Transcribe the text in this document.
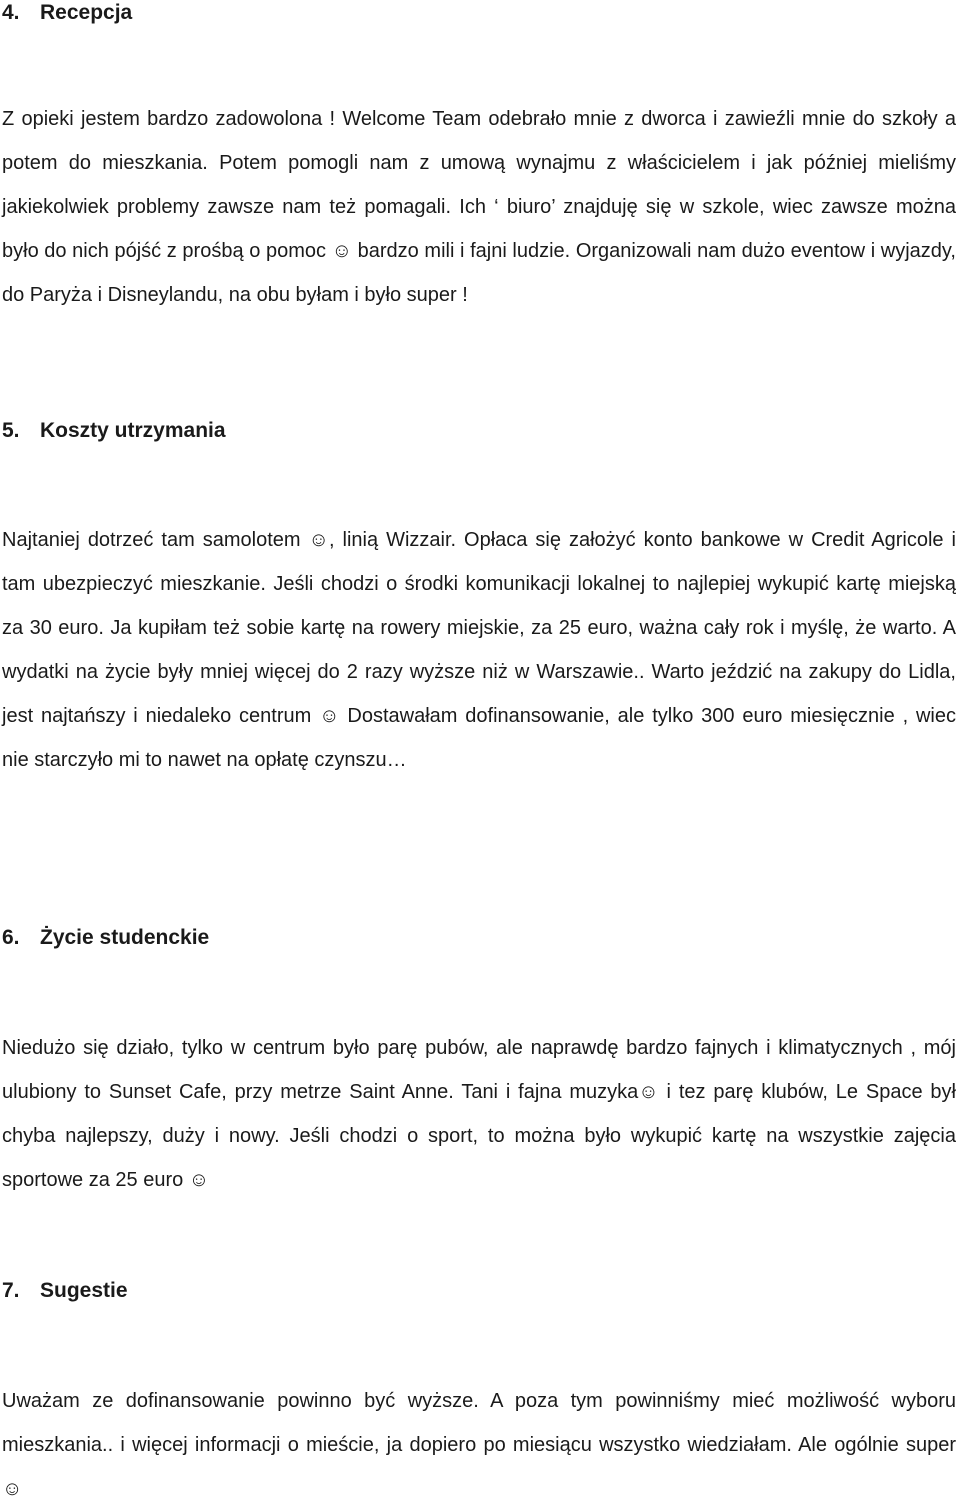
4. Recepcja

Z opieki jestem bardzo zadowolona ! Welcome Team odebrało mnie z dworca i zawieźli mnie do szkoły a potem do mieszkania. Potem pomogli nam z umową wynajmu z właścicielem i jak później mieliśmy jakiekolwiek problemy zawsze nam też pomagali. Ich ‘ biuro’ znajduję się w szkole, wiec zawsze można było do nich pójść z prośbą o pomoc ☺ bardzo mili i fajni ludzie. Organizowali nam dużo eventow i wyjazdy, do Paryża i Disneylandu, na obu byłam i było super !

5. Koszty utrzymania

Najtaniej dotrzeć tam samolotem ☺, linią Wizzair. Opłaca się założyć konto bankowe w Credit Agricole i tam ubezpieczyć mieszkanie. Jeśli chodzi o środki komunikacji lokalnej to najlepiej wykupić kartę miejską za 30 euro. Ja kupiłam też sobie kartę na rowery miejskie, za 25 euro, ważna cały rok i myślę, że warto. A wydatki na życie były mniej więcej do 2 razy wyższe niż w Warszawie.. Warto jeździć na zakupy do Lidla, jest najtańszy i niedaleko centrum ☺ Dostawałam dofinansowanie, ale tylko 300 euro miesięcznie , wiec nie starczyło mi to nawet na opłatę czynszu…

6. Życie studenckie

Niedużo się działo, tylko w centrum było parę pubów, ale naprawdę bardzo fajnych i klimatycznych , mój ulubiony to Sunset Cafe, przy metrze Saint Anne. Tani i fajna muzyka☺ i tez parę klubów, Le Space był chyba najlepszy, duży i nowy. Jeśli chodzi o sport, to można było wykupić kartę na wszystkie zajęcia sportowe za 25 euro ☺

7. Sugestie

Uważam ze dofinansowanie powinno być wyższe. A poza tym powinniśmy mieć możliwość wyboru mieszkania.. i więcej informacji o mieście, ja dopiero po miesiącu wszystko wiedziałam. Ale ogólnie super ☺
